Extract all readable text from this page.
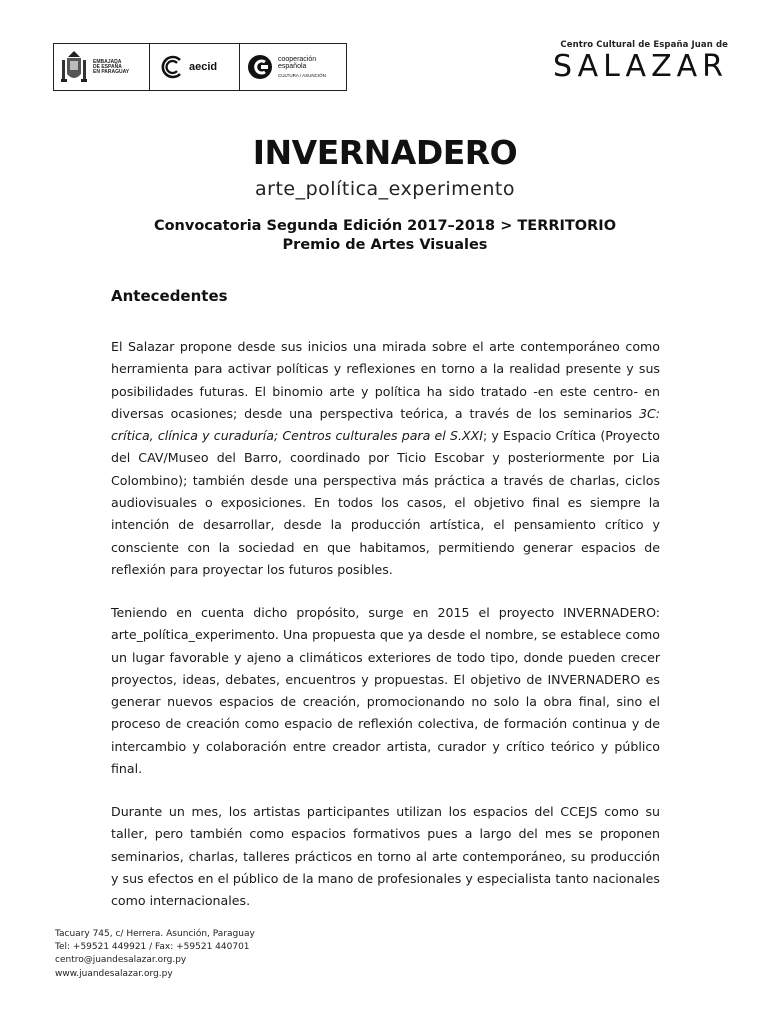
EMBAJADA
DE ESPAÑA
EN PARAGUAY	aecid
cooperación
española
CULTURA / ASUNCIÓN
Centro Cultural de España Juan de
SALAZAR
INVERNADERO
arte_política_experimento
Convocatoria Segunda Edición 2017–2018 > TERRITORIO
Premio de Artes Visuales
Antecedentes

El Salazar propone desde sus inicios una mirada sobre el arte contemporáneo como herramienta para activar políticas y reflexiones en torno a la realidad presente y sus posibilidades futuras. El binomio arte y política ha sido tratado -en este centro- en diversas ocasiones; desde una perspectiva teórica, a través de los seminarios 3C: crítica, clínica y curaduría; Centros culturales para el S.XXI; y Espacio Crítica (Proyecto del CAV/Museo del Barro, coordinado por Ticio Escobar y posteriormente por Lia Colombino); también desde una perspectiva más práctica a través de charlas, ciclos audiovisuales o exposiciones. En todos los casos, el objetivo final es siempre la intención de desarrollar, desde la producción artística, el pensamiento crítico y consciente con la sociedad en que habitamos, permitiendo generar espacios de reflexión para proyectar los futuros posibles.

Teniendo en cuenta dicho propósito, surge en 2015 el proyecto INVERNADERO: arte_política_experimento. Una propuesta que ya desde el nombre, se establece como un lugar favorable y ajeno a climáticos exteriores de todo tipo, donde pueden crecer proyectos, ideas, debates, encuentros y propuestas. El objetivo de INVERNADERO es generar nuevos espacios de creación, promocionando no solo la obra final, sino el proceso de creación como espacio de reflexión colectiva, de formación continua y de intercambio y colaboración entre creador artista, curador y crítico teórico y público final.

Durante un mes, los artistas participantes utilizan los espacios del CCEJS como su taller, pero también como espacios formativos pues a largo del mes se proponen seminarios, charlas, talleres prácticos en torno al arte contemporáneo, su producción y sus efectos en el público de la mano de profesionales y especialista tanto nacionales como internacionales.

Tacuary 745, c/ Herrera. Asunción, Paraguay
Tel: +59521 449921 / Fax: +59521 440701
centro@juandesalazar.org.py
www.juandesalazar.org.py
